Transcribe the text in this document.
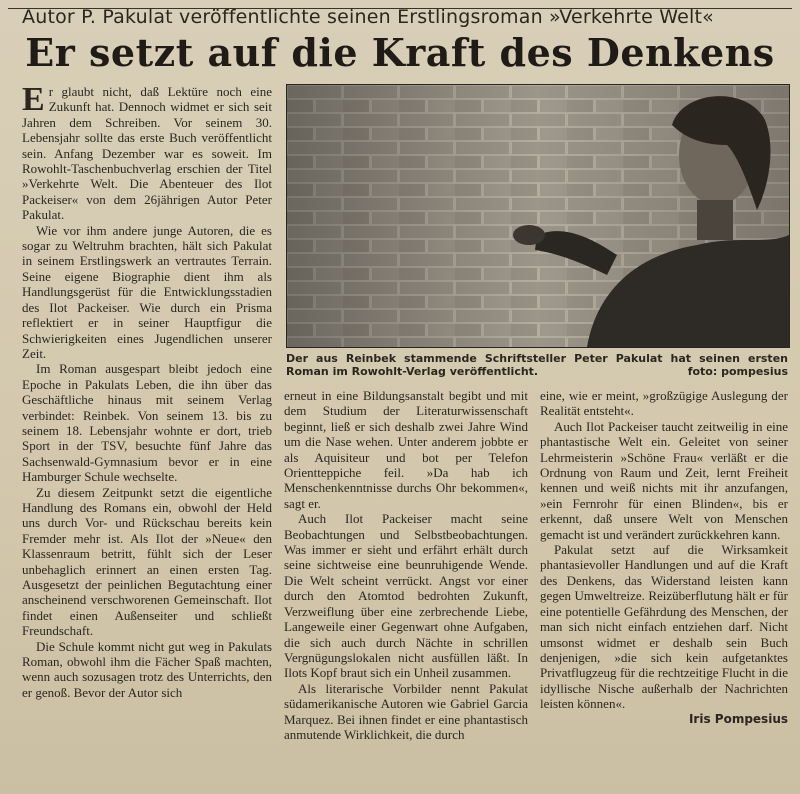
Autor P. Pakulat veröffentlichte seinen Erstlingsroman »Verkehrte Welt«
Er setzt auf die Kraft des Denkens

Er glaubt nicht, daß Lektüre noch eine Zukunft hat. Dennoch widmet er sich seit Jahren dem Schreiben. Vor seinem 30. Lebensjahr sollte das erste Buch veröffentlicht sein. Anfang Dezember war es soweit. Im Rowohlt-Taschenbuchverlag erschien der Titel »Verkehrte Welt. Die Abenteuer des Ilot Packeiser« von dem 26jährigen Autor Peter Pakulat.

Wie vor ihm andere junge Autoren, die es sogar zu Weltruhm brachten, hält sich Pakulat in seinem Erstlingswerk an vertrautes Terrain. Seine eigene Biographie dient ihm als Handlungsgerüst für die Entwicklungsstadien des Ilot Packeiser. Wie durch ein Prisma reflektiert er in seiner Hauptfigur die Schwierigkeiten eines Jugendlichen unserer Zeit.

Im Roman ausgespart bleibt jedoch eine Epoche in Pakulats Leben, die ihn über das Geschäftliche hinaus mit seinem Verlag verbindet: Reinbek. Von seinem 13. bis zu seinem 18. Lebensjahr wohnte er dort, trieb Sport in der TSV, besuchte fünf Jahre das Sachsenwald-Gymnasium bevor er in eine Hamburger Schule wechselte.

Zu diesem Zeitpunkt setzt die eigentliche Handlung des Romans ein, obwohl der Held uns durch Vor- und Rückschau bereits kein Fremder mehr ist. Als Ilot der »Neue« den Klassenraum betritt, fühlt sich der Leser unbehaglich erinnert an einen ersten Tag. Ausgesetzt der peinlichen Begutachtung einer anscheinend verschworenen Gemeinschaft. Ilot findet einen Außenseiter und schließt Freundschaft.

Die Schule kommt nicht gut weg in Pakulats Roman, obwohl ihm die Fächer Spaß machten, wenn auch sozusagen trotz des Unterrichts, den er genoß. Bevor der Autor sich

Der aus Reinbek stammende Schriftsteller Peter Pakulat hat seinen ersten Roman im Rowohlt-Verlag veröffentlicht.	foto: pompesius

erneut in eine Bildungsanstalt begibt und mit dem Studium der Literaturwissenschaft beginnt, ließ er sich deshalb zwei Jahre Wind um die Nase wehen. Unter anderem jobbte er als Aquisiteur und bot per Telefon Orientteppiche feil. »Da hab ich Menschenkenntnisse durchs Ohr bekommen«, sagt er.

Auch Ilot Packeiser macht seine Beobachtungen und Selbstbeobachtungen. Was immer er sieht und erfährt erhält durch seine sichtweise eine beunruhigende Wende. Die Welt scheint verrückt. Angst vor einer durch den Atomtod bedrohten Zukunft, Verzweiflung über eine zerbrechende Liebe, Langeweile einer Gegenwart ohne Aufgaben, die sich auch durch Nächte in schrillen Vergnügungslokalen nicht ausfüllen läßt. In Ilots Kopf braut sich ein Unheil zusammen.

Als literarische Vorbilder nennt Pakulat südamerikanische Autoren wie Gabriel Garcia Marquez. Bei ihnen findet er eine phantastisch anmutende Wirklichkeit, die durch

eine, wie er meint, »großzügige Auslegung der Realität entsteht«.

Auch Ilot Packeiser taucht zeitweilig in eine phantastische Welt ein. Geleitet von seiner Lehrmeisterin »Schöne Frau« verläßt er die Ordnung von Raum und Zeit, lernt Freiheit kennen und weiß nichts mit ihr anzufangen, »ein Fernrohr für einen Blinden«, bis er erkennt, daß unsere Welt von Menschen gemacht ist und verändert zurückkehren kann.

Pakulat setzt auf die Wirksamkeit phantasievoller Handlungen und auf die Kraft des Denkens, das Widerstand leisten kann gegen Umweltreize. Reizüberflutung hält er für eine potentielle Gefährdung des Menschen, der man sich nicht einfach entziehen darf. Nicht umsonst widmet er deshalb sein Buch denjenigen, »die sich kein aufgetanktes Privatflugzeug für die rechtzeitige Flucht in die idyllische Nische außerhalb der Nachrichten leisten können«.

Iris Pompesius
